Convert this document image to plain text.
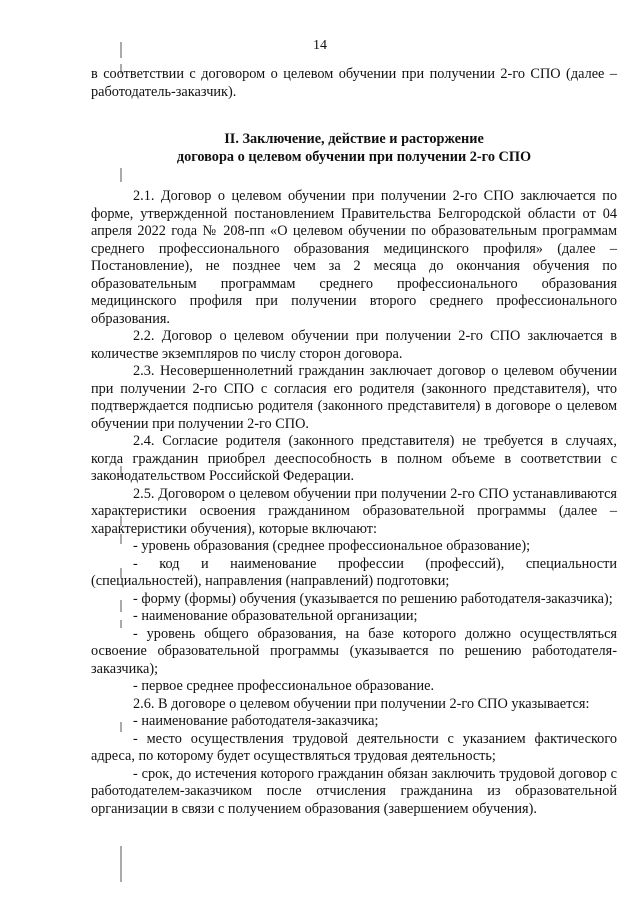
14

в соответствии с договором о целевом обучении при получении 2-го СПО (далее – работодатель-заказчик).

II. Заключение, действие и расторжение
договора о целевом обучении при получении 2-го СПО

2.1. Договор о целевом обучении при получении 2-го СПО заключается по форме, утвержденной постановлением Правительства Белгородской области от 04 апреля 2022 года № 208-пп «О целевом обучении по образовательным программам среднего профессионального образования медицинского профиля» (далее – Постановление), не позднее чем за 2 месяца до окончания обучения по образовательным программам среднего профессионального образования медицинского профиля при получении второго среднего профессионального образования.

2.2. Договор о целевом обучении при получении 2-го СПО заключается в количестве экземпляров по числу сторон договора.

2.3. Несовершеннолетний гражданин заключает договор о целевом обучении при получении 2-го СПО с согласия его родителя (законного представителя), что подтверждается подписью родителя (законного представителя) в договоре о целевом обучении при получении 2-го СПО.

2.4. Согласие родителя (законного представителя) не требуется в случаях, когда гражданин приобрел дееспособность в полном объеме в соответствии с законодательством Российской Федерации.

2.5. Договором о целевом обучении при получении 2-го СПО устанавливаются характеристики освоения гражданином образовательной программы (далее – характеристики обучения), которые включают:

- уровень образования (среднее профессиональное образование);

- код и наименование профессии (профессий), специальности (специальностей), направления (направлений) подготовки;

- форму (формы) обучения (указывается по решению работодателя-заказчика);

- наименование образовательной организации;

- уровень общего образования, на базе которого должно осуществляться освоение образовательной программы (указывается по решению работодателя-заказчика);

- первое среднее профессиональное образование.

2.6. В договоре о целевом обучении при получении 2-го СПО указывается:

- наименование работодателя-заказчика;

- место осуществления трудовой деятельности с указанием фактического адреса, по которому будет осуществляться трудовая деятельность;

- срок, до истечения которого гражданин обязан заключить трудовой договор с работодателем-заказчиком после отчисления гражданина из образовательной организации в связи с получением образования (завершением обучения).
